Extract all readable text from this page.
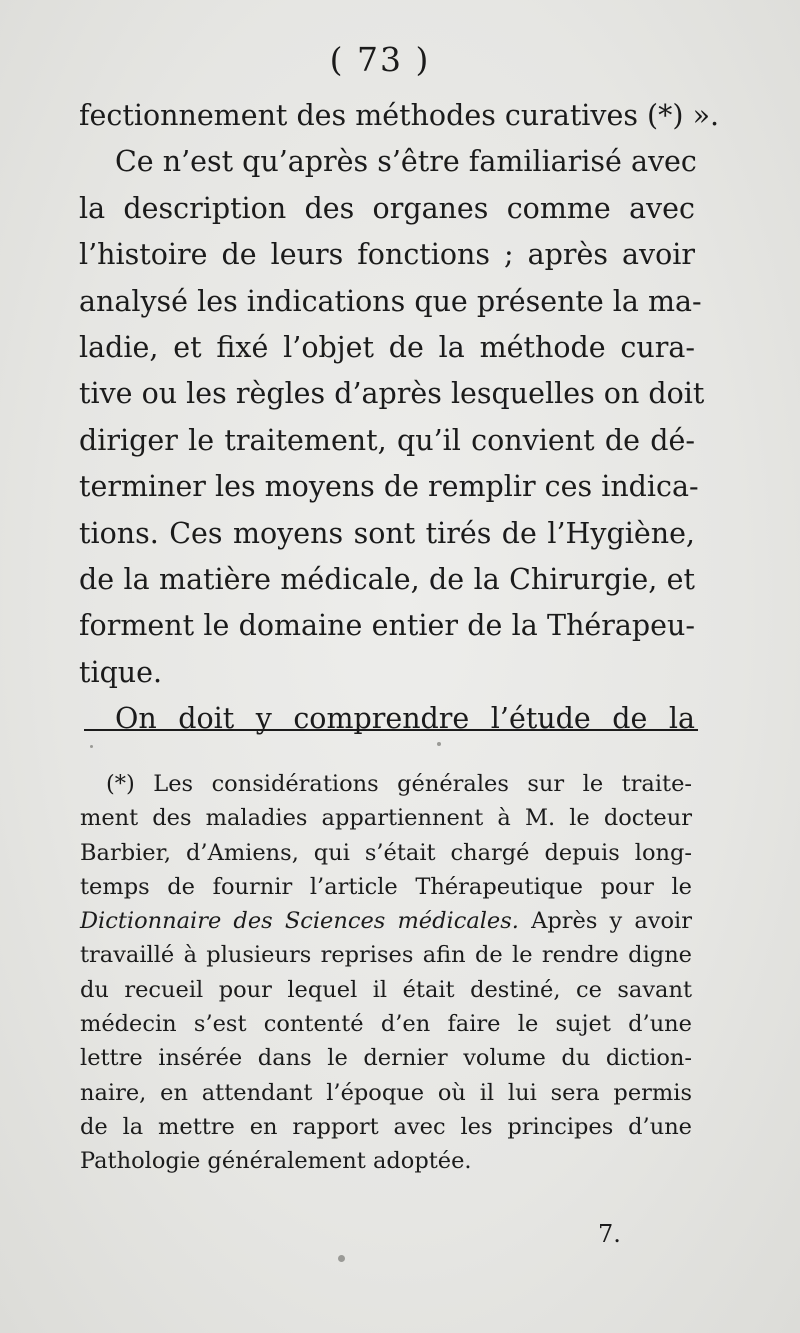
( 73 )

fectionnement des méthodes curatives (*) ».

Ce n’est qu’après s’être familiarisé avec
la description des organes comme avec
l’histoire de leurs fonctions ; après avoir
analysé les indications que présente la ma-
ladie, et fixé l’objet de la méthode cura-
tive ou les règles d’après lesquelles on doit
diriger le traitement, qu’il convient de dé-
terminer les moyens de remplir ces indica-
tions. Ces moyens sont tirés de l’Hygiène,
de la matière médicale, de la Chirurgie, et
forment le domaine entier de la Thérapeu-
tique.

On doit y comprendre l’étude de la

(*) Les considérations générales sur le traite-
ment des maladies appartiennent à M. le docteur
Barbier, d’Amiens, qui s’était chargé depuis long-
temps de fournir l’article Thérapeutique pour le
Dictionnaire des Sciences médicales. Après y avoir
travaillé à plusieurs reprises afin de le rendre digne
du recueil pour lequel il était destiné, ce savant
médecin s’est contenté d’en faire le sujet d’une
lettre insérée dans le dernier volume du diction-
naire, en attendant l’époque où il lui sera permis
de la mettre en rapport avec les principes d’une
Pathologie généralement adoptée.
7.
